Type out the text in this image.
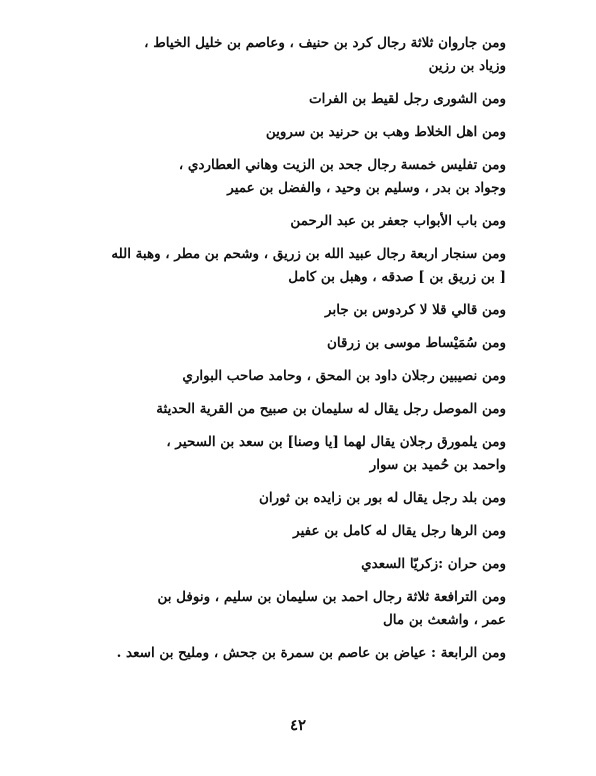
ومن جاروان ثلاثة رجال كرد بن حنيف ، وعاصم بن خليل الخياط ،
وزياد بن رزين

ومن الشورى رجل لقيط بن الفرات

ومن اهل الخلاط وهب بن حرنيد بن سروين

ومن تفليس خمسة رجال جحد بن الزيت وهاني العطاردي ،
وجواد بن بدر ، وسليم بن وحيد ، والفضل بن عمير

ومن باب الأبواب جعفر بن عبد الرحمن

ومن سنجار اربعة رجال عبيد الله بن زريق ، وشحم بن مطر ، وهبة الله
[ بن زريق بن ] صدقه ، وهبل بن كامل

ومن قالي قلا لا كردوس بن جابر

ومن سُمَيْساط موسى بن زرقان

ومن نصيبين رجلان داود بن المحق ، وحامد صاحب البواري

ومن الموصل رجل يقال له سليمان بن صبيح من القرية الحديثة

ومن يلمورق رجلان يقال لهما [يا وصنا] بن سعد بن السحير ،
واحمد بن حُميد بن سوار

ومن بلد رجل يقال له بور بن زايده بن ثوران

ومن الرها رجل يقال له كامل بن عفير

ومن حران :زكريّا السعدي

ومن الترافعة ثلاثة رجال احمد بن سليمان بن سليم ، ونوفل بن
عمر ، واشعث بن مال

ومن الرابعة : عياض بن عاصم بن سمرة بن جحش ، ومليح بن اسعد .

٤٢
